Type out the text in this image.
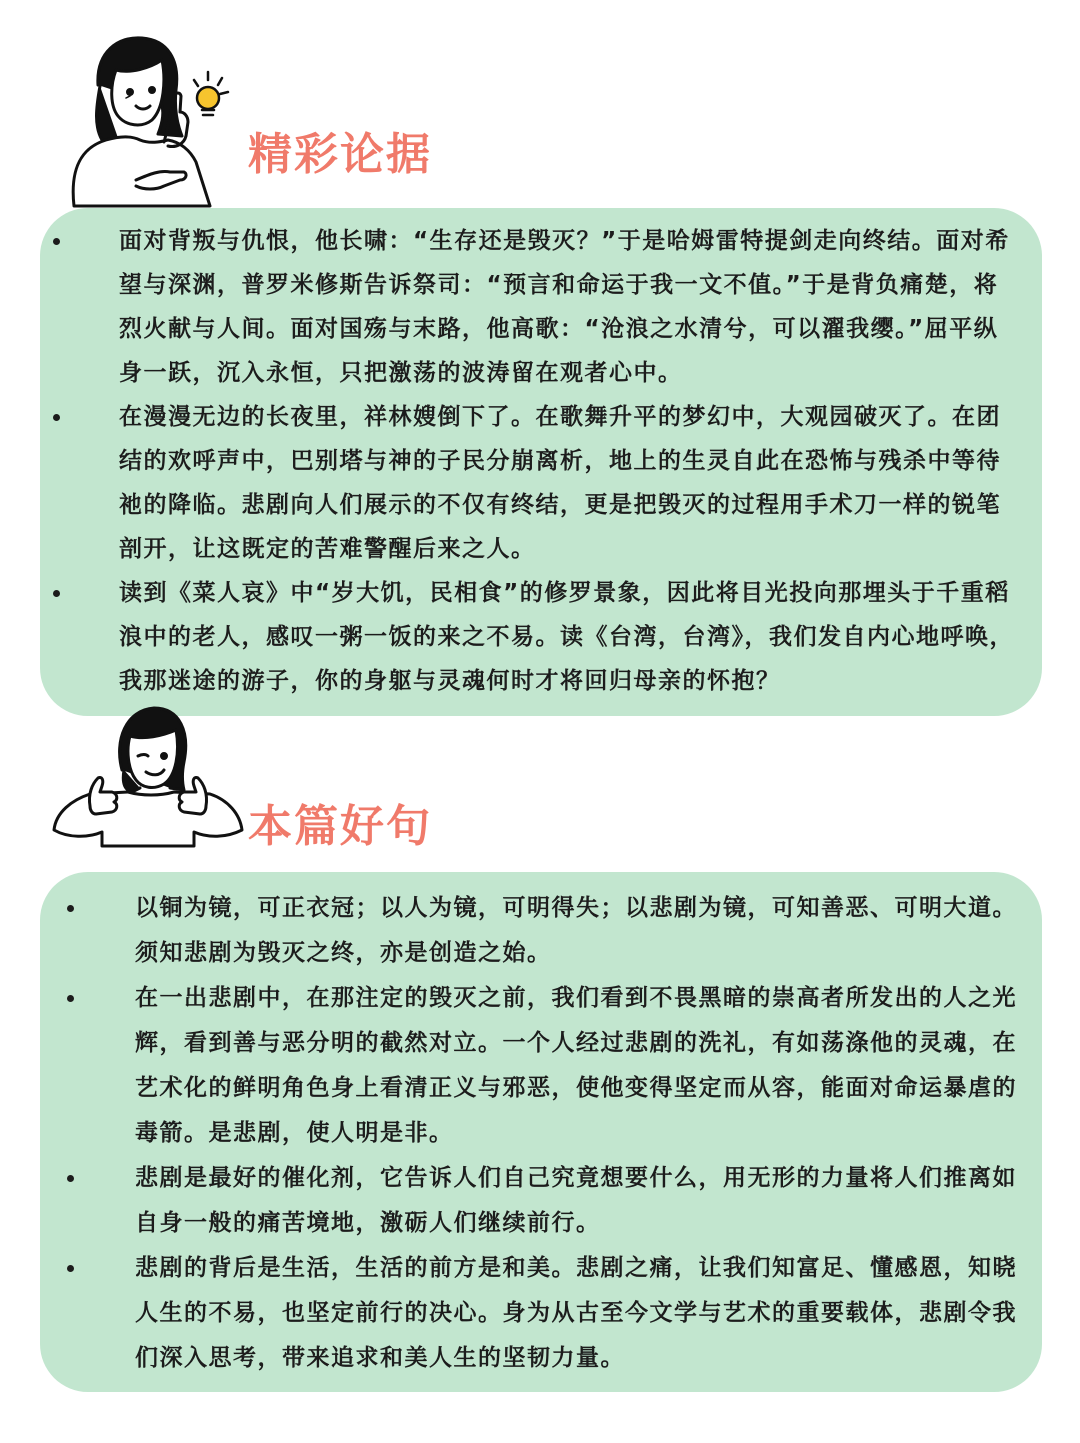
精彩论据
面对背叛与仇恨，他长啸：“生存还是毁灭？”于是哈姆雷特提剑走向终结。面对希望与深渊，普罗米修斯告诉祭司：“预言和命运于我一文不值。”于是背负痛楚，将烈火献与人间。面对国殇与末路，他高歌：“沧浪之水清兮，可以濯我缨。”屈平纵身一跃，沉入永恒，只把激荡的波涛留在观者心中。
在漫漫无边的长夜里，祥林嫂倒下了。在歌舞升平的梦幻中，大观园破灭了。在团结的欢呼声中，巴别塔与神的子民分崩离析，地上的生灵自此在恐怖与残杀中等待祂的降临。悲剧向人们展示的不仅有终结，更是把毁灭的过程用手术刀一样的锐笔剖开，让这既定的苦难警醒后来之人。
读到《菜人哀》中“岁大饥，民相食”的修罗景象，因此将目光投向那埋头于千重稻浪中的老人，感叹一粥一饭的来之不易。读《台湾，台湾》，我们发自内心地呼唤，我那迷途的游子，你的身躯与灵魂何时才将回归母亲的怀抱？
本篇好句
以铜为镜，可正衣冠；以人为镜，可明得失；以悲剧为镜，可知善恶、可明大道。须知悲剧为毁灭之终，亦是创造之始。
在一出悲剧中，在那注定的毁灭之前，我们看到不畏黑暗的崇高者所发出的人之光辉，看到善与恶分明的截然对立。一个人经过悲剧的洗礼，有如荡涤他的灵魂，在艺术化的鲜明角色身上看清正义与邪恶，使他变得坚定而从容，能面对命运暴虐的毒箭。是悲剧，使人明是非。
悲剧是最好的催化剂，它告诉人们自己究竟想要什么，用无形的力量将人们推离如自身一般的痛苦境地，激砺人们继续前行。
悲剧的背后是生活，生活的前方是和美。悲剧之痛，让我们知富足、懂感恩，知晓人生的不易，也坚定前行的决心。身为从古至今文学与艺术的重要载体，悲剧令我们深入思考，带来追求和美人生的坚韧力量。
